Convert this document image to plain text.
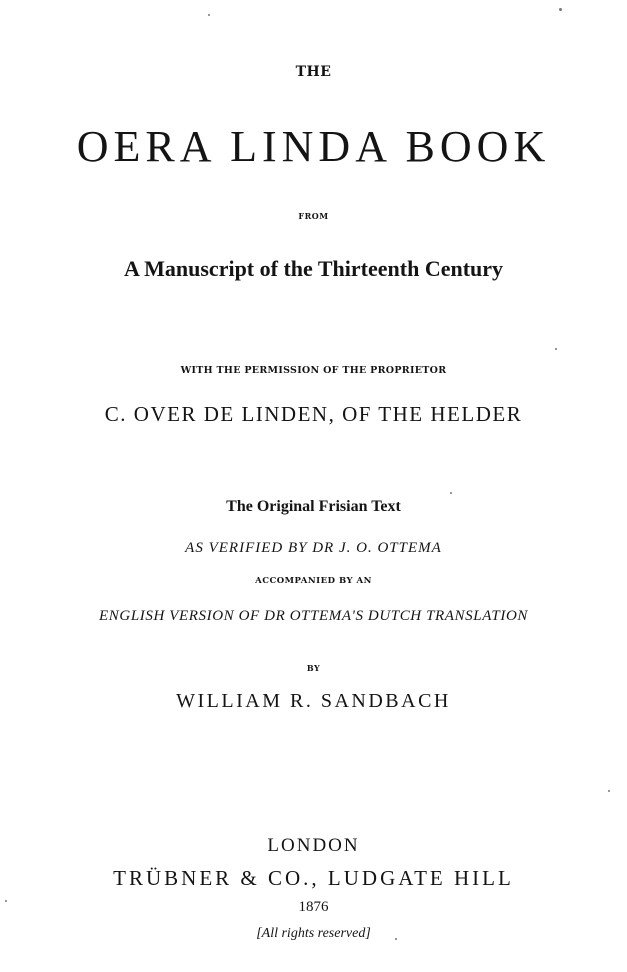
THE
OERA LINDA BOOK
FROM
A Manuscript of the Thirteenth Century
WITH THE PERMISSION OF THE PROPRIETOR
C. OVER DE LINDEN, OF THE HELDER
The Original Frisian Text
AS VERIFIED BY DR J. O. OTTEMA
ACCOMPANIED BY AN
ENGLISH VERSION OF DR OTTEMA'S DUTCH TRANSLATION
BY
WILLIAM R. SANDBACH
LONDON
TRÜBNER & CO., LUDGATE HILL
1876
[All rights reserved]
